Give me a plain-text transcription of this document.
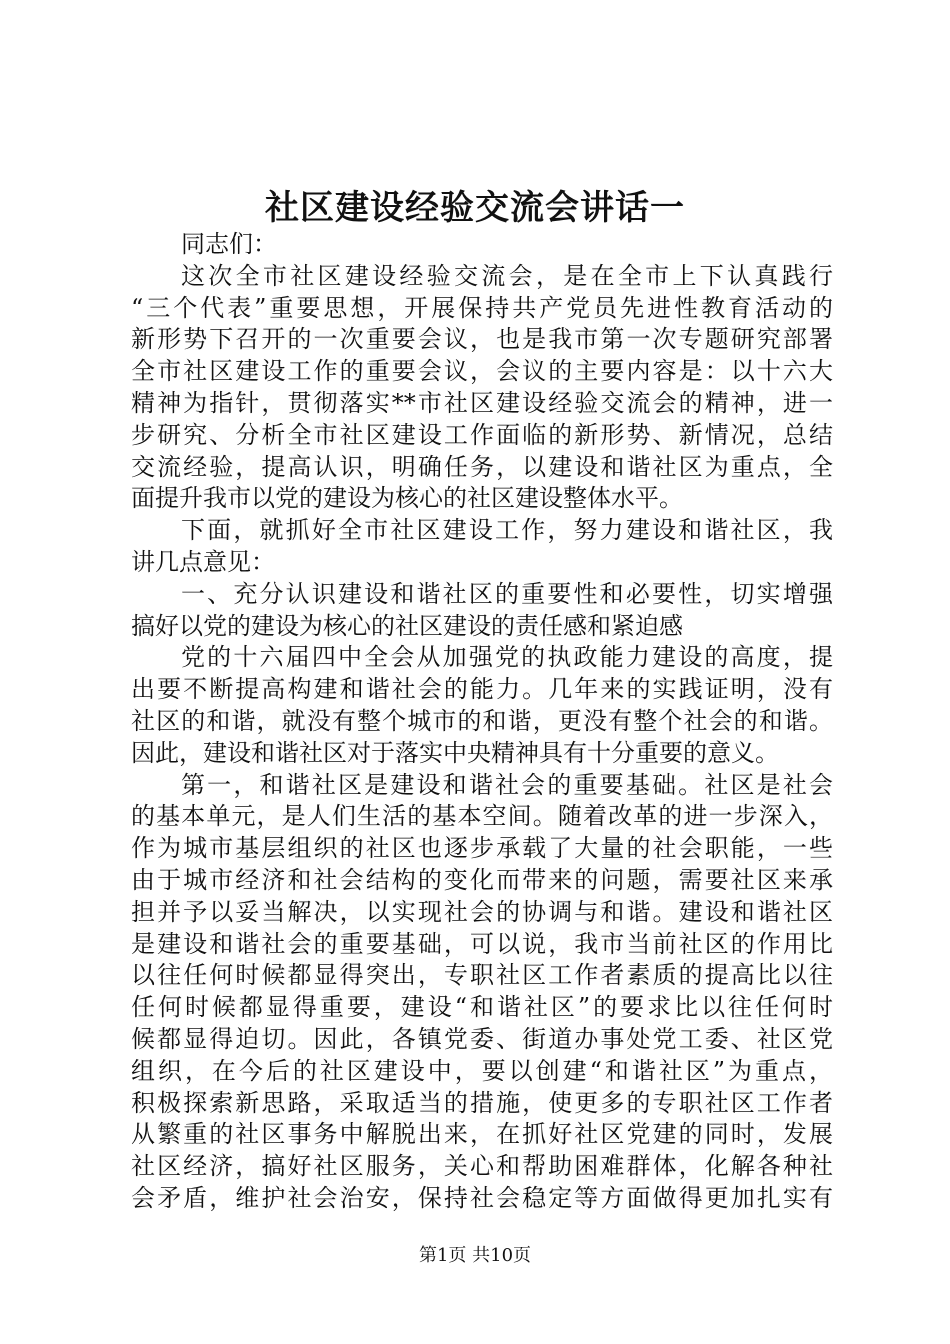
社区建设经验交流会讲话一
同志们：
这次全市社区建设经验交流会，是在全市上下认真践行
“三个代表”重要思想，开展保持共产党员先进性教育活动的
新形势下召开的一次重要会议，也是我市第一次专题研究部署
全市社区建设工作的重要会议，会议的主要内容是：以十六大
精神为指针，贯彻落实**市社区建设经验交流会的精神，进一
步研究、分析全市社区建设工作面临的新形势、新情况，总结
交流经验，提高认识，明确任务，以建设和谐社区为重点，全
面提升我市以党的建设为核心的社区建设整体水平。
下面，就抓好全市社区建设工作，努力建设和谐社区，我
讲几点意见：
一、充分认识建设和谐社区的重要性和必要性，切实增强
搞好以党的建设为核心的社区建设的责任感和紧迫感
党的十六届四中全会从加强党的执政能力建设的高度，提
出要不断提高构建和谐社会的能力。几年来的实践证明，没有
社区的和谐，就没有整个城市的和谐，更没有整个社会的和谐。
因此，建设和谐社区对于落实中央精神具有十分重要的意义。
第一，和谐社区是建设和谐社会的重要基础。社区是社会
的基本单元，是人们生活的基本空间。随着改革的进一步深入，
作为城市基层组织的社区也逐步承载了大量的社会职能，一些
由于城市经济和社会结构的变化而带来的问题，需要社区来承
担并予以妥当解决，以实现社会的协调与和谐。建设和谐社区
是建设和谐社会的重要基础，可以说，我市当前社区的作用比
以往任何时候都显得突出，专职社区工作者素质的提高比以往
任何时候都显得重要，建设“和谐社区”的要求比以往任何时
候都显得迫切。因此，各镇党委、街道办事处党工委、社区党
组织，在今后的社区建设中，要以创建“和谐社区”为重点，
积极探索新思路，采取适当的措施，使更多的专职社区工作者
从繁重的社区事务中解脱出来，在抓好社区党建的同时，发展
社区经济，搞好社区服务，关心和帮助困难群体，化解各种社
会矛盾，维护社会治安，保持社会稳定等方面做得更加扎实有
第1页 共10页
